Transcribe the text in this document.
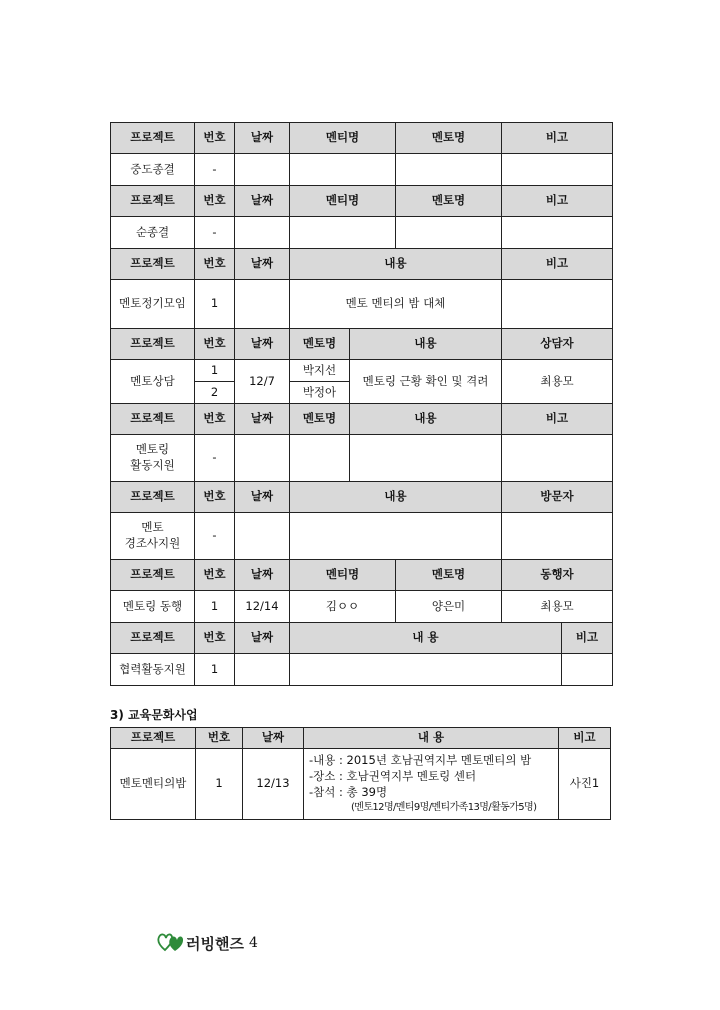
프로젝트	번호	날짜	멘티명		멘토명	비고	
중도종결	-						
프로젝트	번호	날짜	멘티명		멘토명	비고	
순종결	-						
프로젝트	번호	날짜	내용			비고	
멘토정기모임	1		멘토 멘티의 밤 대체				
프로젝트	번호	날짜	멘토명	내용		상담자	
멘토상담	1	12/7	박지선	멘토링 근황 확인 및 격려		최용모	
	2		박정아				
프로젝트	번호	날짜	멘토명	내용		비고	

멘토링
활동지원	-						
프로젝트	번호	날짜	내용			방문자	

멘토
경조사지원	-						
프로젝트	번호	날짜	멘티명		멘토명	동행자	
멘토링 동행	1	12/14	김ㅇㅇ		양은미	최용모	
프로젝트	번호	날짜	내 용				비고
협력활동지원	1						
3) 교육문화사업
프로젝트	번호	날짜	내 용	비고
멘토멘티의밤	1	12/13	-내용 : 2015년 호남권역지부 멘토멘티의 밤
-장소 : 호남권역지부 멘토링 센터
-참석 : 총 39명
(멘토12명/멘티9명/멘티가족13명/활동가5명)	사진1
러빙핸즈 4
